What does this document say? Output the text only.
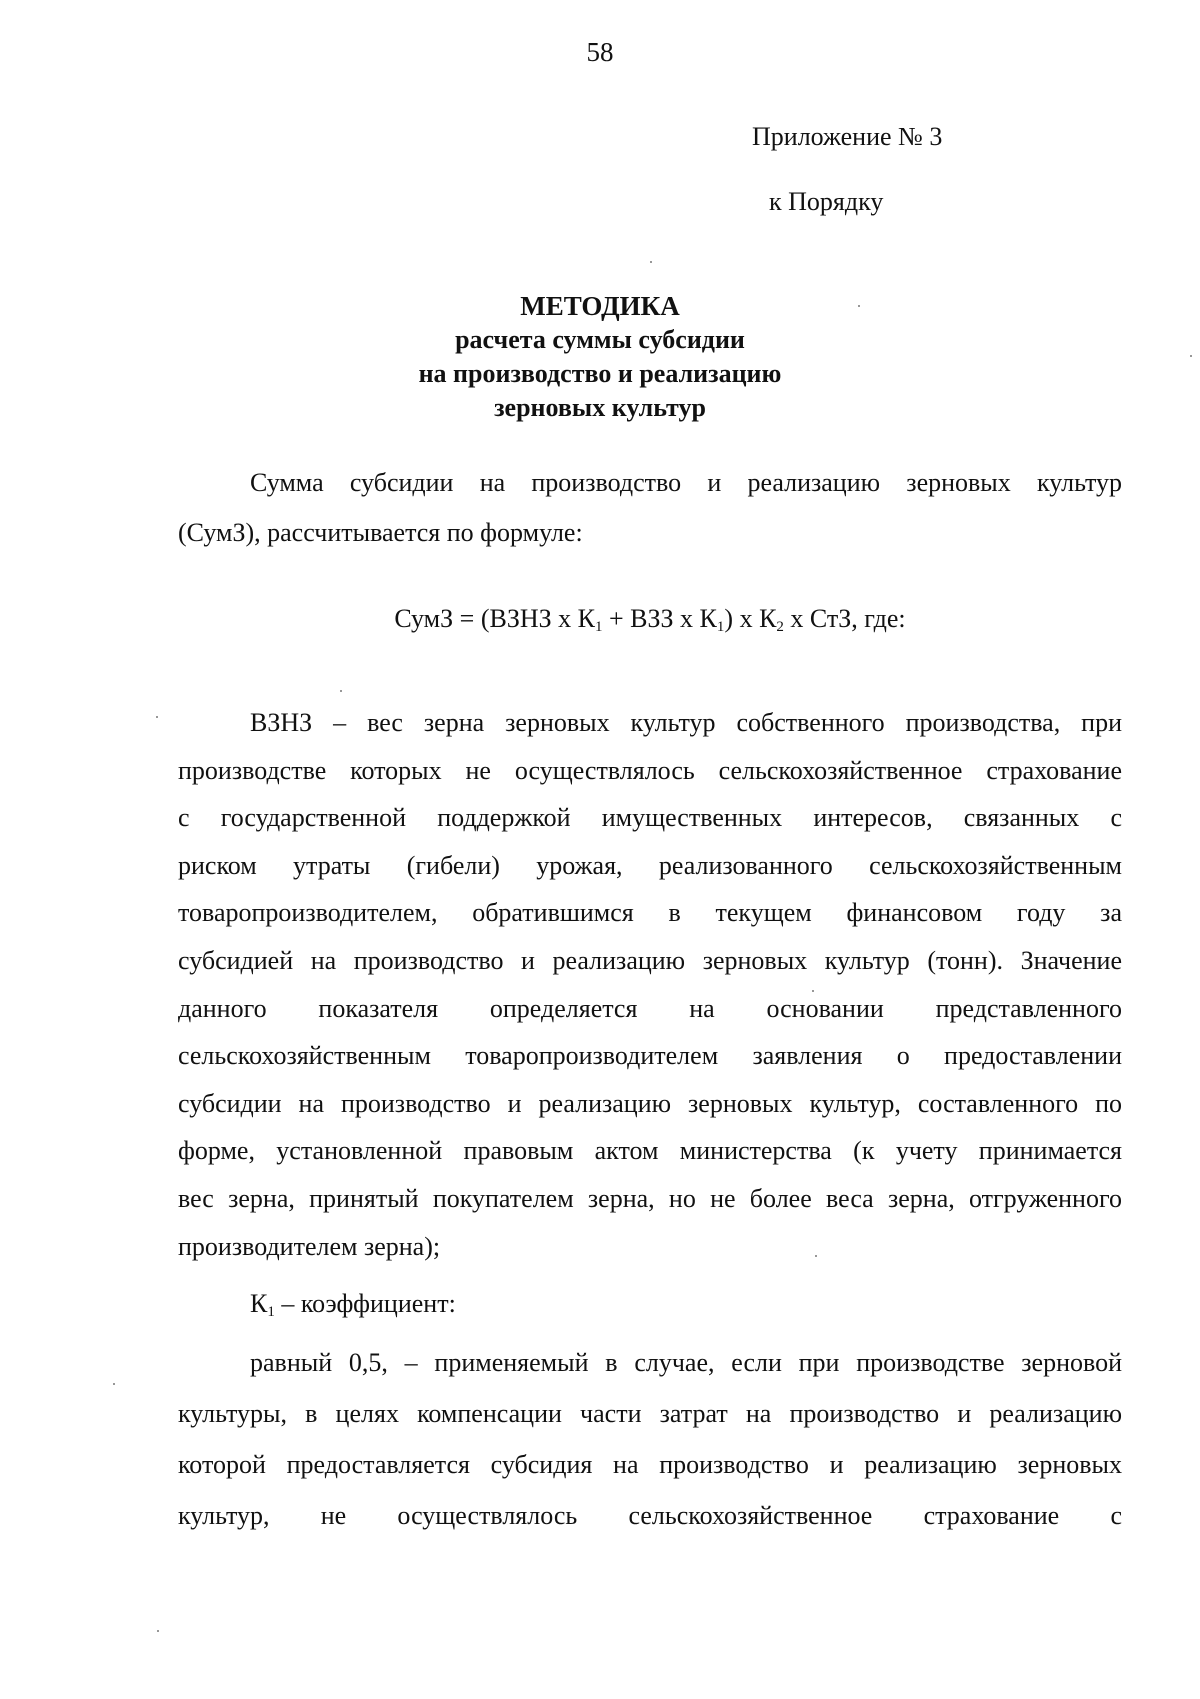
58
Приложение № 3
к Порядку
МЕТОДИКА
расчета суммы субсидии
на производство и реализацию
зерновых культур
Сумма субсидии на производство и реализацию зерновых культур
(СумЗ), рассчитывается по формуле:
СумЗ = (ВЗНЗ х $К_1$ + ВЗЗ х $К_1$) х $К_2$ х СтЗ, где:
ВЗНЗ – вес зерна зерновых культур собственного производства, при
производстве которых не осуществлялось сельскохозяйственное страхование
с государственной поддержкой имущественных интересов, связанных с
риском утраты (гибели) урожая, реализованного сельскохозяйственным
товаропроизводителем, обратившимся в текущем финансовом году за
субсидией на производство и реализацию зерновых культур (тонн). Значение
данного показателя определяется на основании представленного
сельскохозяйственным товаропроизводителем заявления о предоставлении
субсидии на производство и реализацию зерновых культур, составленного по
форме, установленной правовым актом министерства (к учету принимается
вес зерна, принятый покупателем зерна, но не более веса зерна, отгруженного
производителем зерна);
$К_1$ – коэффициент:
равный 0,5, – применяемый в случае, если при производстве зерновой
культуры, в целях компенсации части затрат на производство и реализацию
которой предоставляется субсидия на производство и реализацию зерновых
культур, не осуществлялось сельскохозяйственное страхование с
